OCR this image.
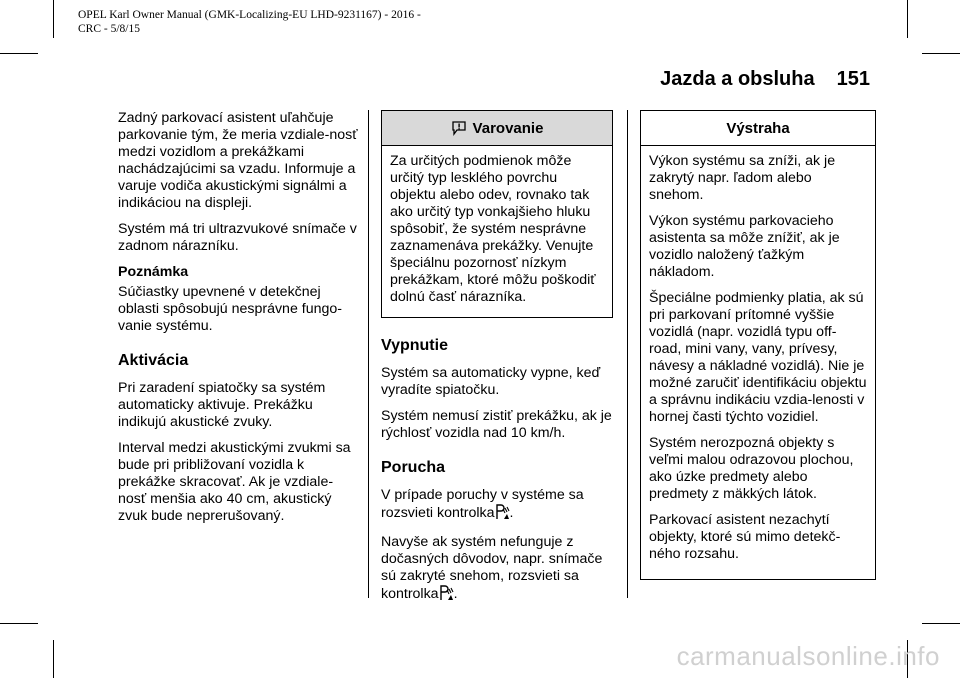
OPEL Karl Owner Manual (GMK-Localizing-EU LHD-9231167) - 2016 -
CRC - 5/8/15
Jazda a obsluha 151

Zadný parkovací asistent uľahčuje parkovanie tým, že meria vzdiale-nosť medzi vozidlom a prekážkami nachádzajúcimi sa vzadu. Informuje a varuje vodiča akustickými signálmi a indikáciou na displeji.

Systém má tri ultrazvukové snímače v zadnom nárazníku.

Poznámka

Súčiastky upevnené v detekčnej oblasti spôsobujú nesprávne fungo-vanie systému.

Aktivácia

Pri zaradení spiatočky sa systém automaticky aktivuje. Prekážku indikujú akustické zvuky.

Interval medzi akustickými zvukmi sa bude pri približovaní vozidla k prekážke skracovať. Ak je vzdiale-nosť menšia ako 40 cm, akustický zvuk bude neprerušovaný.

Varovanie

Za určitých podmienok môže určitý typ lesklého povrchu objektu alebo odev, rovnako tak ako určitý typ vonkajšieho hluku spôsobiť, že systém nesprávne zaznamenáva prekážky. Venujte špeciálnu pozornosť nízkym prekážkam, ktoré môžu poškodiť dolnú časť nárazníka.

Vypnutie

Systém sa automaticky vypne, keď vyradíte spiatočku.

Systém nemusí zistiť prekážku, ak je rýchlosť vozidla nad 10 km/h.

Porucha

V prípade poruchy v systéme sa rozsvieti kontrolka .

Navyše ak systém nefunguje z dočasných dôvodov, napr. snímače sú zakryté snehom, rozsvieti sa kontrolka .

Výstraha

Výkon systému sa zníži, ak je zakrytý napr. ľadom alebo snehom.

Výkon systému parkovacieho asistenta sa môže znížiť, ak je vozidlo naložený ťažkým nákladom.

Špeciálne podmienky platia, ak sú pri parkovaní prítomné vyššie vozidlá (napr. vozidlá typu off-road, mini vany, vany, prívesy, návesy a nákladné vozidlá). Nie je možné zaručiť identifikáciu objektu a správnu indikáciu vzdia-lenosti v hornej časti týchto vozidiel.

Systém nerozpozná objekty s veľmi malou odrazovou plochou, ako úzke predmety alebo predmety z mäkkých látok.

Parkovací asistent nezachytí objekty, ktoré sú mimo detekč-ného rozsahu.

carmanualsonline.info
